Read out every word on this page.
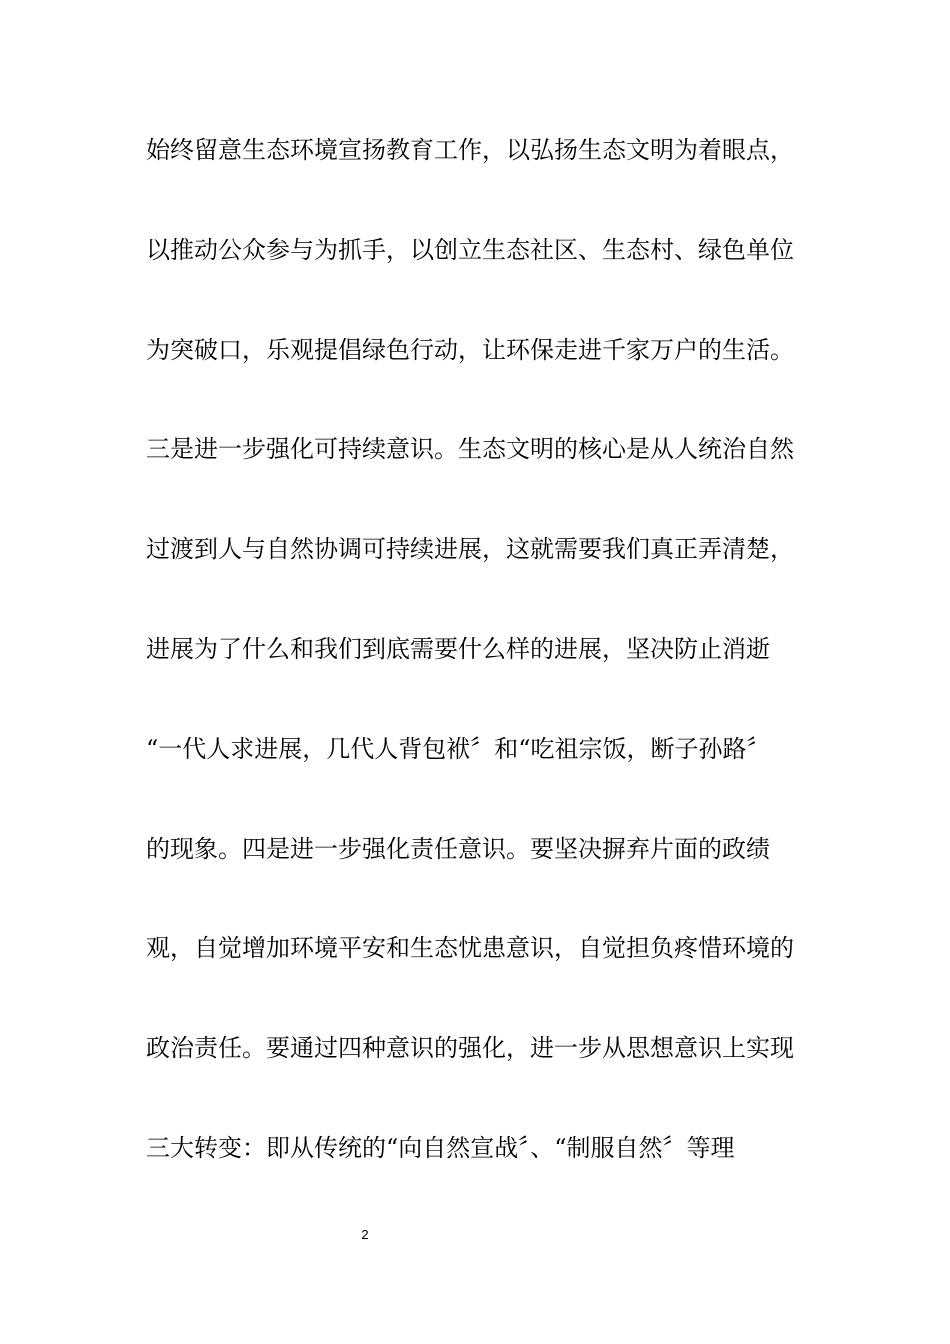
始终留意生态环境宣扬教育工作，以弘扬生态文明为着眼点，
以推动公众参与为抓手，以创立生态社区、生态村、绿色单位
为突破口，乐观提倡绿色行动，让环保走进千家万户的生活。
三是进一步强化可持续意识。生态文明的核心是从人统治自然
过渡到人与自然协调可持续进展，这就需要我们真正弄清楚，
进展为了什么和我们到底需要什么样的进展，坚决防止消逝
“一代人求进展，几代人背包袱〞和“吃祖宗饭，断子孙路〞
的现象。四是进一步强化责任意识。要坚决摒弃片面的政绩
观，自觉增加环境平安和生态忧患意识，自觉担负疼惜环境的
政治责任。要通过四种意识的强化，进一步从思想意识上实现
三大转变：即从传统的“向自然宣战〞、“制服自然〞等理
2
